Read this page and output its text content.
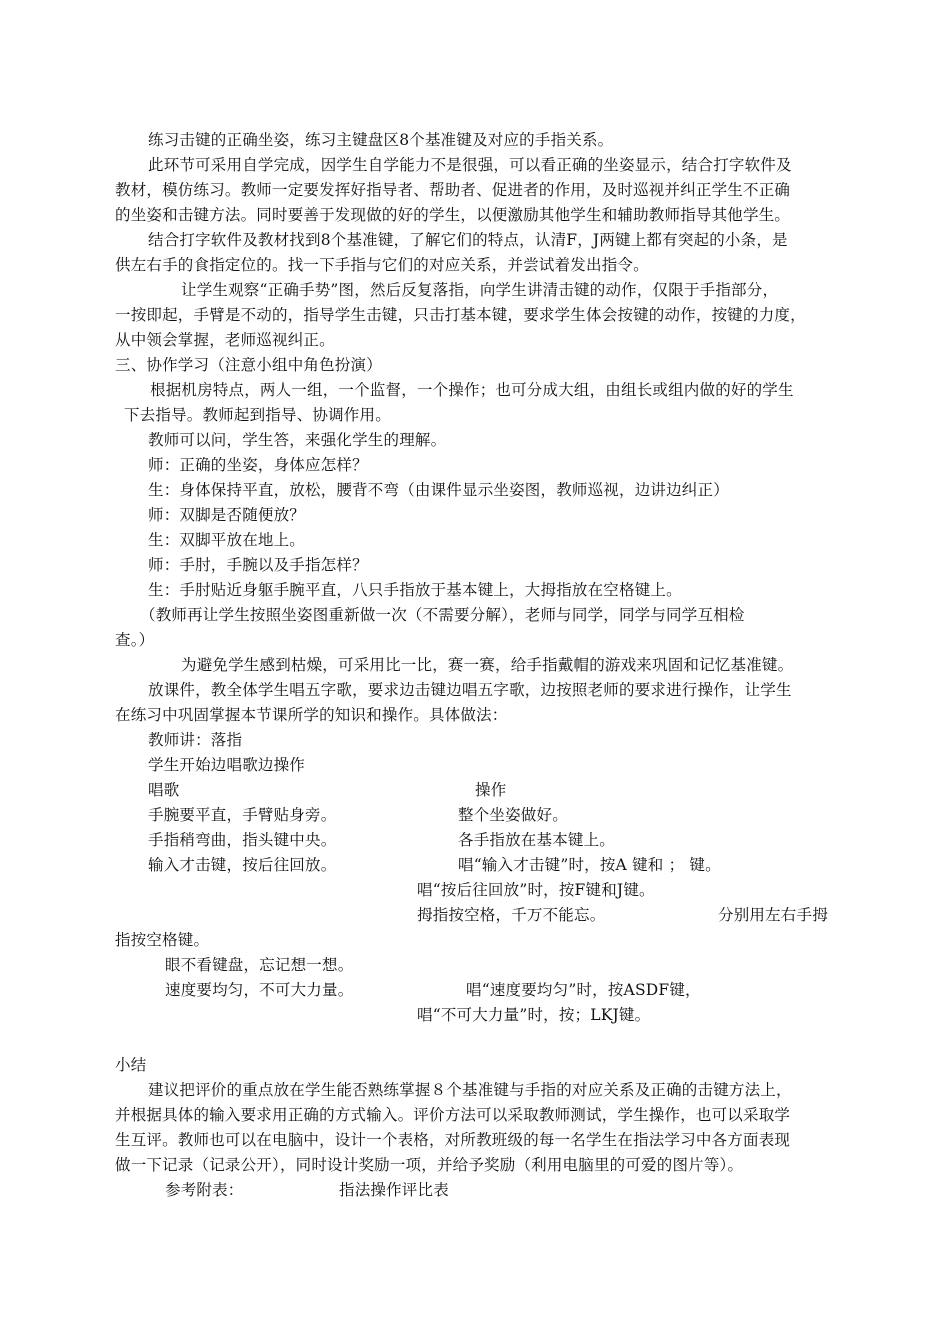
练习击键的正确坐姿，练习主键盘区8个基准键及对应的手指关系。
此环节可采用自学完成，因学生自学能力不是很强，可以看正确的坐姿显示，结合打字软件及
教材，模仿练习。教师一定要发挥好指导者、帮助者、促进者的作用，及时巡视并纠正学生不正确
的坐姿和击键方法。同时要善于发现做的好的学生，以便激励其他学生和辅助教师指导其他学生。
结合打字软件及教材找到8个基准键，了解它们的特点，认清F，J两键上都有突起的小条，是
供左右手的食指定位的。找一下手指与它们的对应关系，并尝试着发出指令。
让学生观察“正确手势”图，然后反复落指，向学生讲清击键的动作，仅限于手指部分，
一按即起，手臂是不动的，指导学生击键，只击打基本键，要求学生体会按键的动作，按键的力度，
从中领会掌握，老师巡视纠正。
三、协作学习（注意小组中角色扮演）
根据机房特点，两人一组，一个监督，一个操作；也可分成大组，由组长或组内做的好的学生
下去指导。教师起到指导、协调作用。
教师可以问，学生答，来强化学生的理解。
师：正确的坐姿，身体应怎样？
生：身体保持平直，放松，腰背不弯（由课件显示坐姿图，教师巡视，边讲边纠正）
师：双脚是否随便放？
生：双脚平放在地上。
师：手肘，手腕以及手指怎样？
生：手肘贴近身躯手腕平直，八只手指放于基本键上，大拇指放在空格键上。
（教师再让学生按照坐姿图重新做一次（不需要分解），老师与同学，同学与同学互相检
查。）
为避免学生感到枯燥，可采用比一比，赛一赛，给手指戴帽的游戏来巩固和记忆基准键。
放课件，教全体学生唱五字歌，要求边击键边唱五字歌，边按照老师的要求进行操作，让学生
在练习中巩固掌握本节课所学的知识和操作。具体做法：
教师讲：落指
学生开始边唱歌边操作
唱歌	操作
手腕要平直，手臂贴身旁。	整个坐姿做好。
手指稍弯曲，指头键中央。	各手指放在基本键上。
输入才击键，按后往回放。	唱“输入才击键”时，按A 键和 ； 键。
唱“按后往回放”时，按F键和J键。
拇指按空格，千万不能忘。	分别用左右手拇
指按空格键。
眼不看键盘，忘记想一想。
速度要均匀，不可大力量。	唱“速度要均匀”时，按ASDF键，
唱“不可大力量”时，按；LKJ键。
小结
建议把评价的重点放在学生能否熟练掌握８个基准键与手指的对应关系及正确的击键方法上，
并根据具体的输入要求用正确的方式输入。评价方法可以采取教师测试，学生操作，也可以采取学
生互评。教师也可以在电脑中，设计一个表格，对所教班级的每一名学生在指法学习中各方面表现
做一下记录（记录公开），同时设计奖励一项，并给予奖励（利用电脑里的可爱的图片等）。
参考附表：	指法操作评比表
